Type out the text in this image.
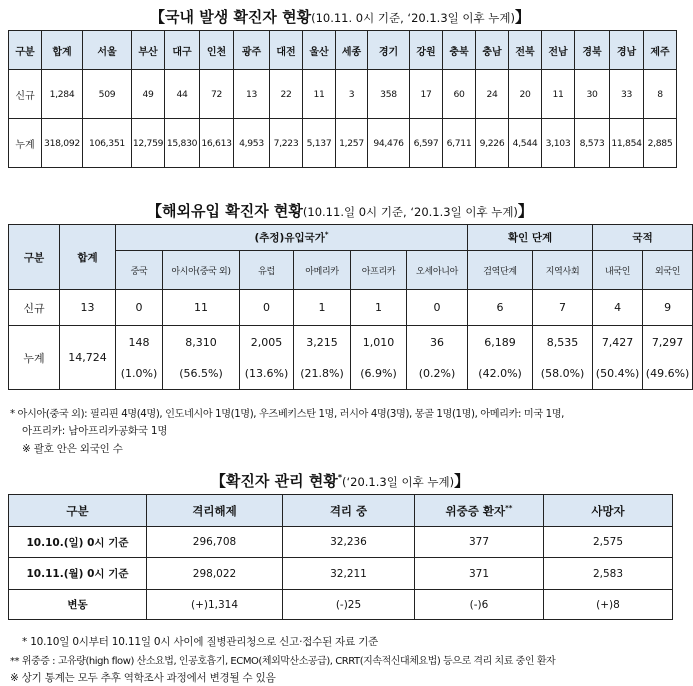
【국내 발생 확진자 현황(10.11. 0시 기준, ‘20.1.3일 이후 누계)】
구분	합계	서울	부산	대구	인천	광주	대전	울산	세종	경기	강원	충북	충남	전북	전남	경북	경남	제주
신규	1,284	509	49	44	72	13	22	11	3	358	17	60	24	20	11	30	33	8
누계	318,092	106,351	12,759	15,830	16,613	4,953	7,223	5,137	1,257	94,476	6,597	6,711	9,226	4,544	3,103	8,573	11,854	2,885
【해외유입 확진자 현황(10.11.일 0시 기준, ‘20.1.3일 이후 누계)】
구분	합계	(추정)유입국가*						확인 단계		국적	
		중국	아시아(중국 외)	유럽	아메리카	아프리카	오세아니아	검역단계	지역사회	내국인	외국인
신규	13	0	11	0	1	1	0	6	7	4	9
누계	14,724	148	8,310	2,005	3,215	1,010	36	6,189	8,535	7,427	7,297
		(1.0%)	(56.5%)	(13.6%)	(21.8%)	(6.9%)	(0.2%)	(42.0%)	(58.0%)	(50.4%)	(49.6%)
* 아시아(중국 외): 필리핀 4명(4명), 인도네시아 1명(1명), 우즈베키스탄 1명, 러시아 4명(3명), 몽골 1명(1명), 아메리카: 미국 1명,
아프리카: 남아프리카공화국 1명
※ 괄호 안은 외국인 수
【확진자 관리 현황*(‘20.1.3일 이후 누계)】
구분	격리해제	격리 중	위중증 환자**	사망자
10.10.(일) 0시 기준	296,708	32,236	377	2,575
10.11.(월) 0시 기준	298,022	32,211	371	2,583
변동	(+)1,314	(-)25	(-)6	(+)8
* 10.10일 0시부터 10.11일 0시 사이에 질병관리청으로 신고·접수된 자료 기준
** 위중증 : 고유량(high flow) 산소요법, 인공호흡기, ECMO(체외막산소공급), CRRT(지속적신대체요법) 등으로 격리 치료 중인 환자
※ 상기 통계는 모두 추후 역학조사 과정에서 변경될 수 있음
